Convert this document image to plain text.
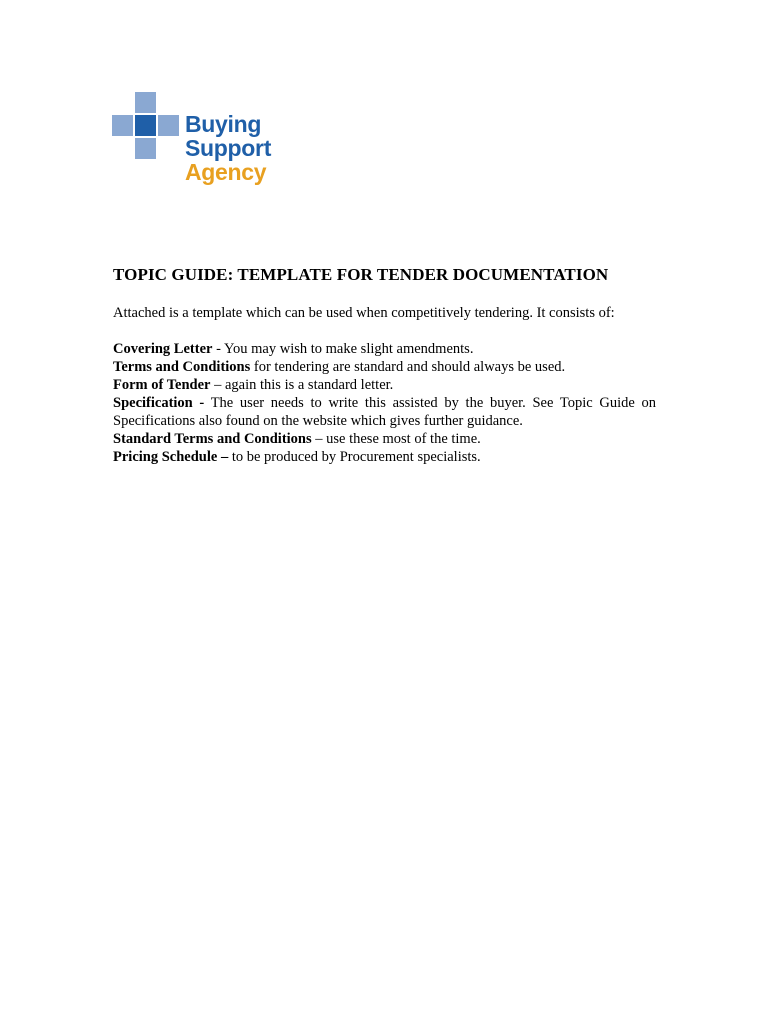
Buying
Support
Agency
TOPIC GUIDE: TEMPLATE FOR TENDER DOCUMENTATION

Attached is a template which can be used when competitively tendering. It consists of:

Covering Letter - You may wish to make slight amendments.
Terms and Conditions for tendering are standard and should always be used.
Form of Tender – again this is a standard letter.
Specification - The user needs to write this assisted by the buyer. See Topic Guide on Specifications also found on the website which gives further guidance.
Standard Terms and Conditions – use these most of the time.
Pricing Schedule – to be produced by Procurement specialists.
